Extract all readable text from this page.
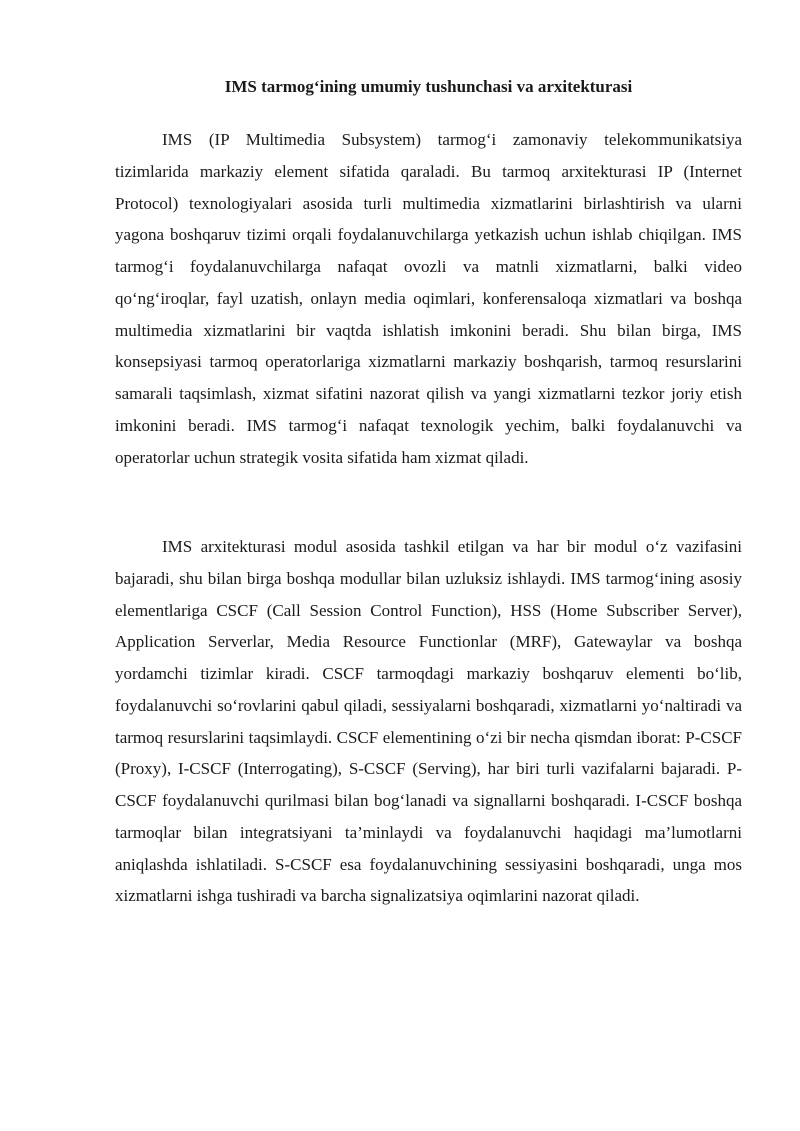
IMS tarmog‘ining umumiy tushunchasi va arxitekturasi

IMS (IP Multimedia Subsystem) tarmog‘i zamonaviy telekommunikatsiya tizimlarida markaziy element sifatida qaraladi. Bu tarmoq arxitekturasi IP (Internet Protocol) texnologiyalari asosida turli multimedia xizmatlarini birlashtirish va ularni yagona boshqaruv tizimi orqali foydalanuvchilarga yetkazish uchun ishlab chiqilgan. IMS tarmog‘i foydalanuvchilarga nafaqat ovozli va matnli xizmatlarni, balki video qo‘ng‘iroqlar, fayl uzatish, onlayn media oqimlari, konferensaloqa xizmatlari va boshqa multimedia xizmatlarini bir vaqtda ishlatish imkonini beradi. Shu bilan birga, IMS konsepsiyasi tarmoq operatorlariga xizmatlarni markaziy boshqarish, tarmoq resurslarini samarali taqsimlash, xizmat sifatini nazorat qilish va yangi xizmatlarni tezkor joriy etish imkonini beradi. IMS tarmog‘i nafaqat texnologik yechim, balki foydalanuvchi va operatorlar uchun strategik vosita sifatida ham xizmat qiladi.

IMS arxitekturasi modul asosida tashkil etilgan va har bir modul o‘z vazifasini bajaradi, shu bilan birga boshqa modullar bilan uzluksiz ishlaydi. IMS tarmog‘ining asosiy elementlariga CSCF (Call Session Control Function), HSS (Home Subscriber Server), Application Serverlar, Media Resource Functionlar (MRF), Gatewaylar va boshqa yordamchi tizimlar kiradi. CSCF tarmoqdagi markaziy boshqaruv elementi bo‘lib, foydalanuvchi so‘rovlarini qabul qiladi, sessiyalarni boshqaradi, xizmatlarni yo‘naltiradi va tarmoq resurslarini taqsimlaydi. CSCF elementining o‘zi bir necha qismdan iborat: P-CSCF (Proxy), I-CSCF (Interrogating), S-CSCF (Serving), har biri turli vazifalarni bajaradi. P-CSCF foydalanuvchi qurilmasi bilan bog‘lanadi va signallarni boshqaradi. I-CSCF boshqa tarmoqlar bilan integratsiyani ta’minlaydi va foydalanuvchi haqidagi ma’lumotlarni aniqlashda ishlatiladi. S-CSCF esa foydalanuvchining sessiyasini boshqaradi, unga mos xizmatlarni ishga tushiradi va barcha signalizatsiya oqimlarini nazorat qiladi.
